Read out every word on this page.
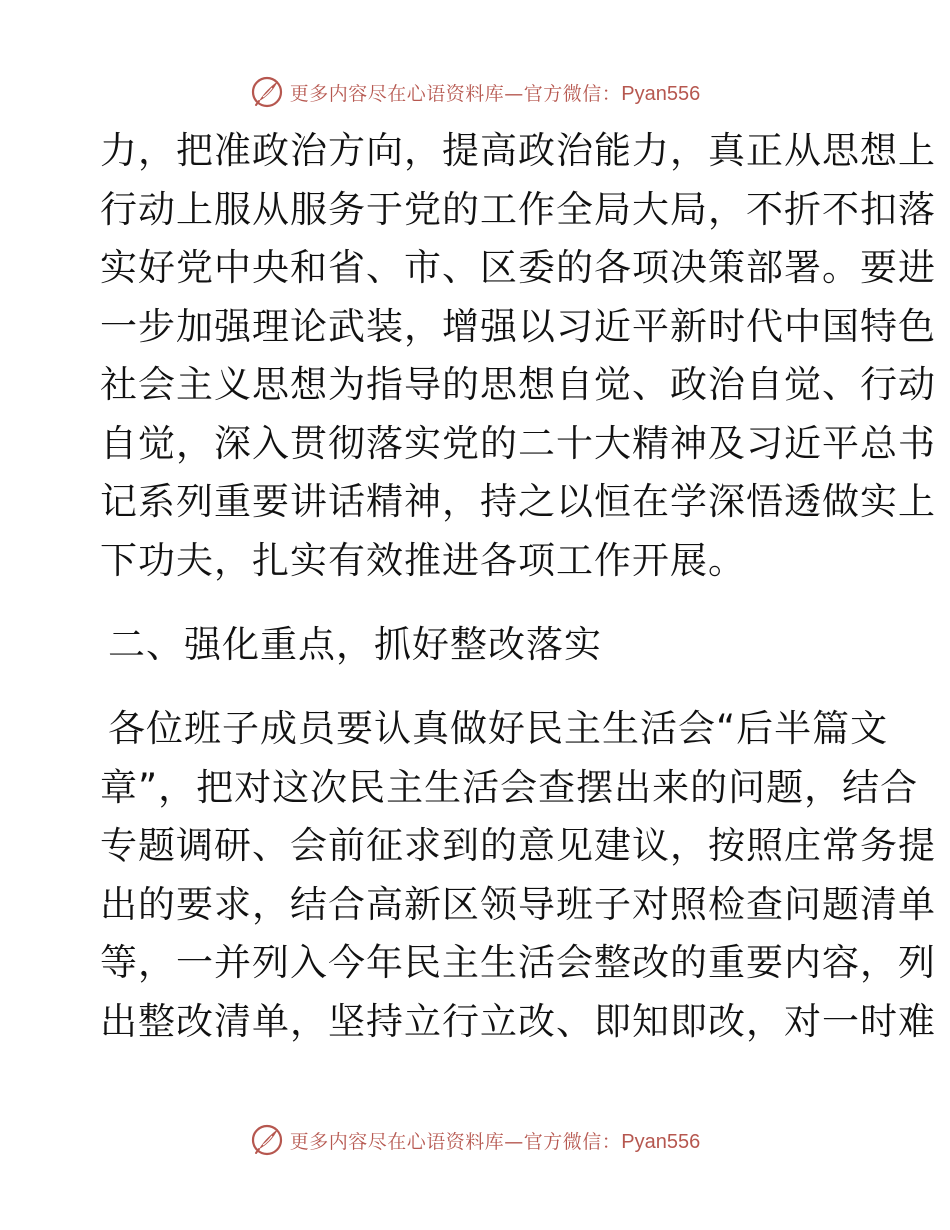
更多内容尽在心语资料库—官方微信：Pyan556
力，把准政治方向，提高政治能力，真正从思想上
行动上服从服务于党的工作全局大局，不折不扣落
实好党中央和省、市、区委的各项决策部署。要进
一步加强理论武装，增强以习近平新时代中国特色
社会主义思想为指导的思想自觉、政治自觉、行动
自觉，深入贯彻落实党的二十大精神及习近平总书
记系列重要讲话精神，持之以恒在学深悟透做实上
下功夫，扎实有效推进各项工作开展。
二、强化重点，抓好整改落实
各位班子成员要认真做好民主生活会“后半篇文
章”，把对这次民主生活会查摆出来的问题，结合
专题调研、会前征求到的意见建议，按照庄常务提
出的要求，结合高新区领导班子对照检查问题清单
等，一并列入今年民主生活会整改的重要内容，列
出整改清单，坚持立行立改、即知即改，对一时难
更多内容尽在心语资料库—官方微信：Pyan556
